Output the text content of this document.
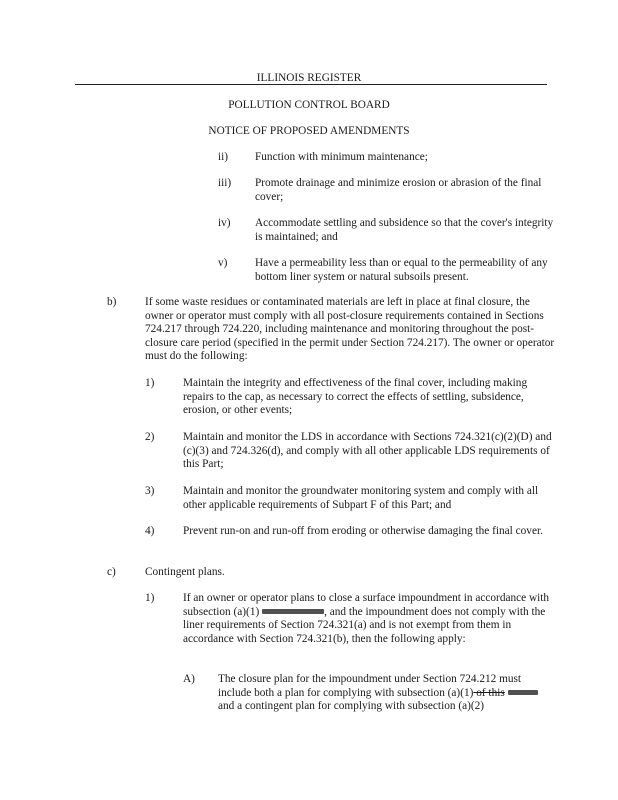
ILLINOIS REGISTER
POLLUTION CONTROL BOARD
NOTICE OF PROPOSED AMENDMENTS
ii) Function with minimum maintenance;
iii) Promote drainage and minimize erosion or abrasion of the final cover;
iv) Accommodate settling and subsidence so that the cover's integrity is maintained; and
v) Have a permeability less than or equal to the permeability of any bottom liner system or natural subsoils present.
b)	If some waste residues or contaminated materials are left in place at final closure, the owner or operator must comply with all post-closure requirements contained in Sections 724.217 through 724.220, including maintenance and monitoring throughout the post-closure care period (specified in the permit under Section 724.217). The owner or operator must do the following:
1)	Maintain the integrity and effectiveness of the final cover, including making repairs to the cap, as necessary to correct the effects of settling, subsidence, erosion, or other events;
2)	Maintain and monitor the LDS in accordance with Sections 724.321(c)(2)(D) and (c)(3) and 724.326(d), and comply with all other applicable LDS requirements of this Part;
3)	Maintain and monitor the groundwater monitoring system and comply with all other applicable requirements of Subpart F of this Part; and
4)	Prevent run-on and run-off from eroding or otherwise damaging the final cover.
c)	Contingent plans.
1)	If an owner or operator plans to close a surface impoundment in accordance with subsection (a)(1)	, and the impoundment does not comply with the liner requirements of Section 724.321(a) and is not exempt from them in accordance with Section 724.321(b), then the following apply:
A) The closure plan for the impoundment under Section 724.212 must include both a plan for complying with subsection (a)(1) of this  and a contingent plan for complying with subsection (a)(2)
